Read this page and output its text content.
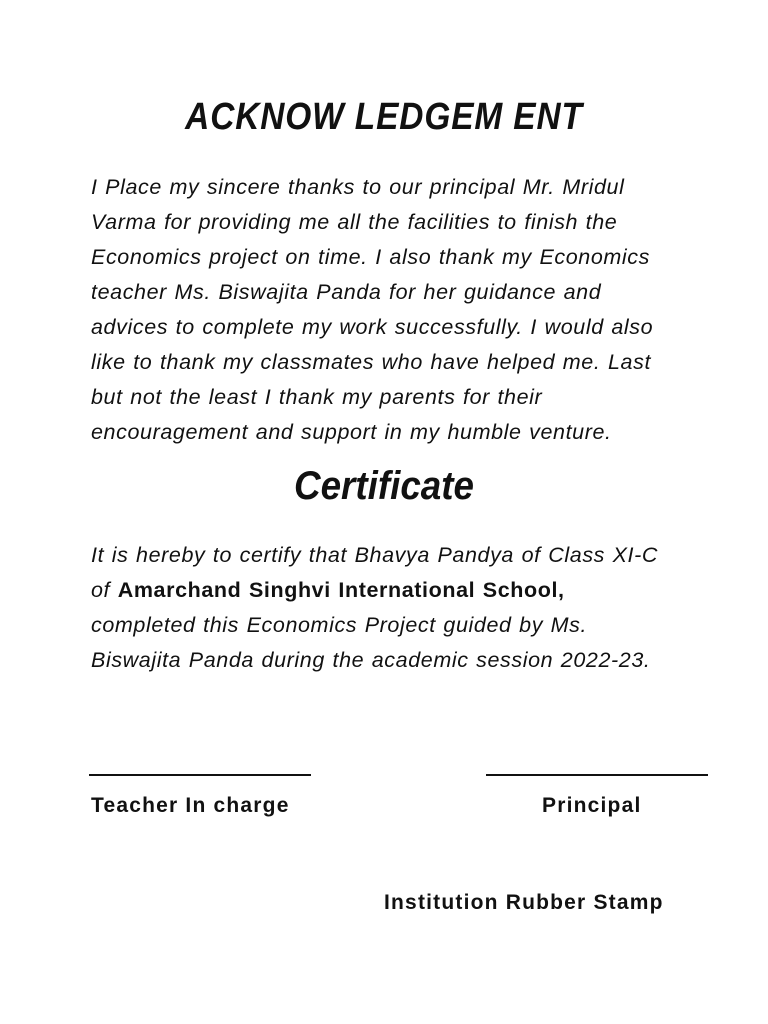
ACKNOW LEDGEM ENT
I Place my sincere thanks to our principal Mr. Mridul
Varma for providing me all the facilities to finish the
Economics project on time. I also thank my Economics
teacher Ms. Biswajita Panda for her guidance and
advices to complete my work successfully. I would also
like to thank my classmates who have helped me. Last
but not the least I thank my parents for their
encouragement and support in my humble venture.
Certificate
It is hereby to certify that Bhavya Pandya of Class XI-C
of Amarchand Singhvi International School,
completed this Economics Project guided by Ms.
Biswajita Panda during the academic session 2022-23.
Teacher In charge	Principal
Institution Rubber Stamp
